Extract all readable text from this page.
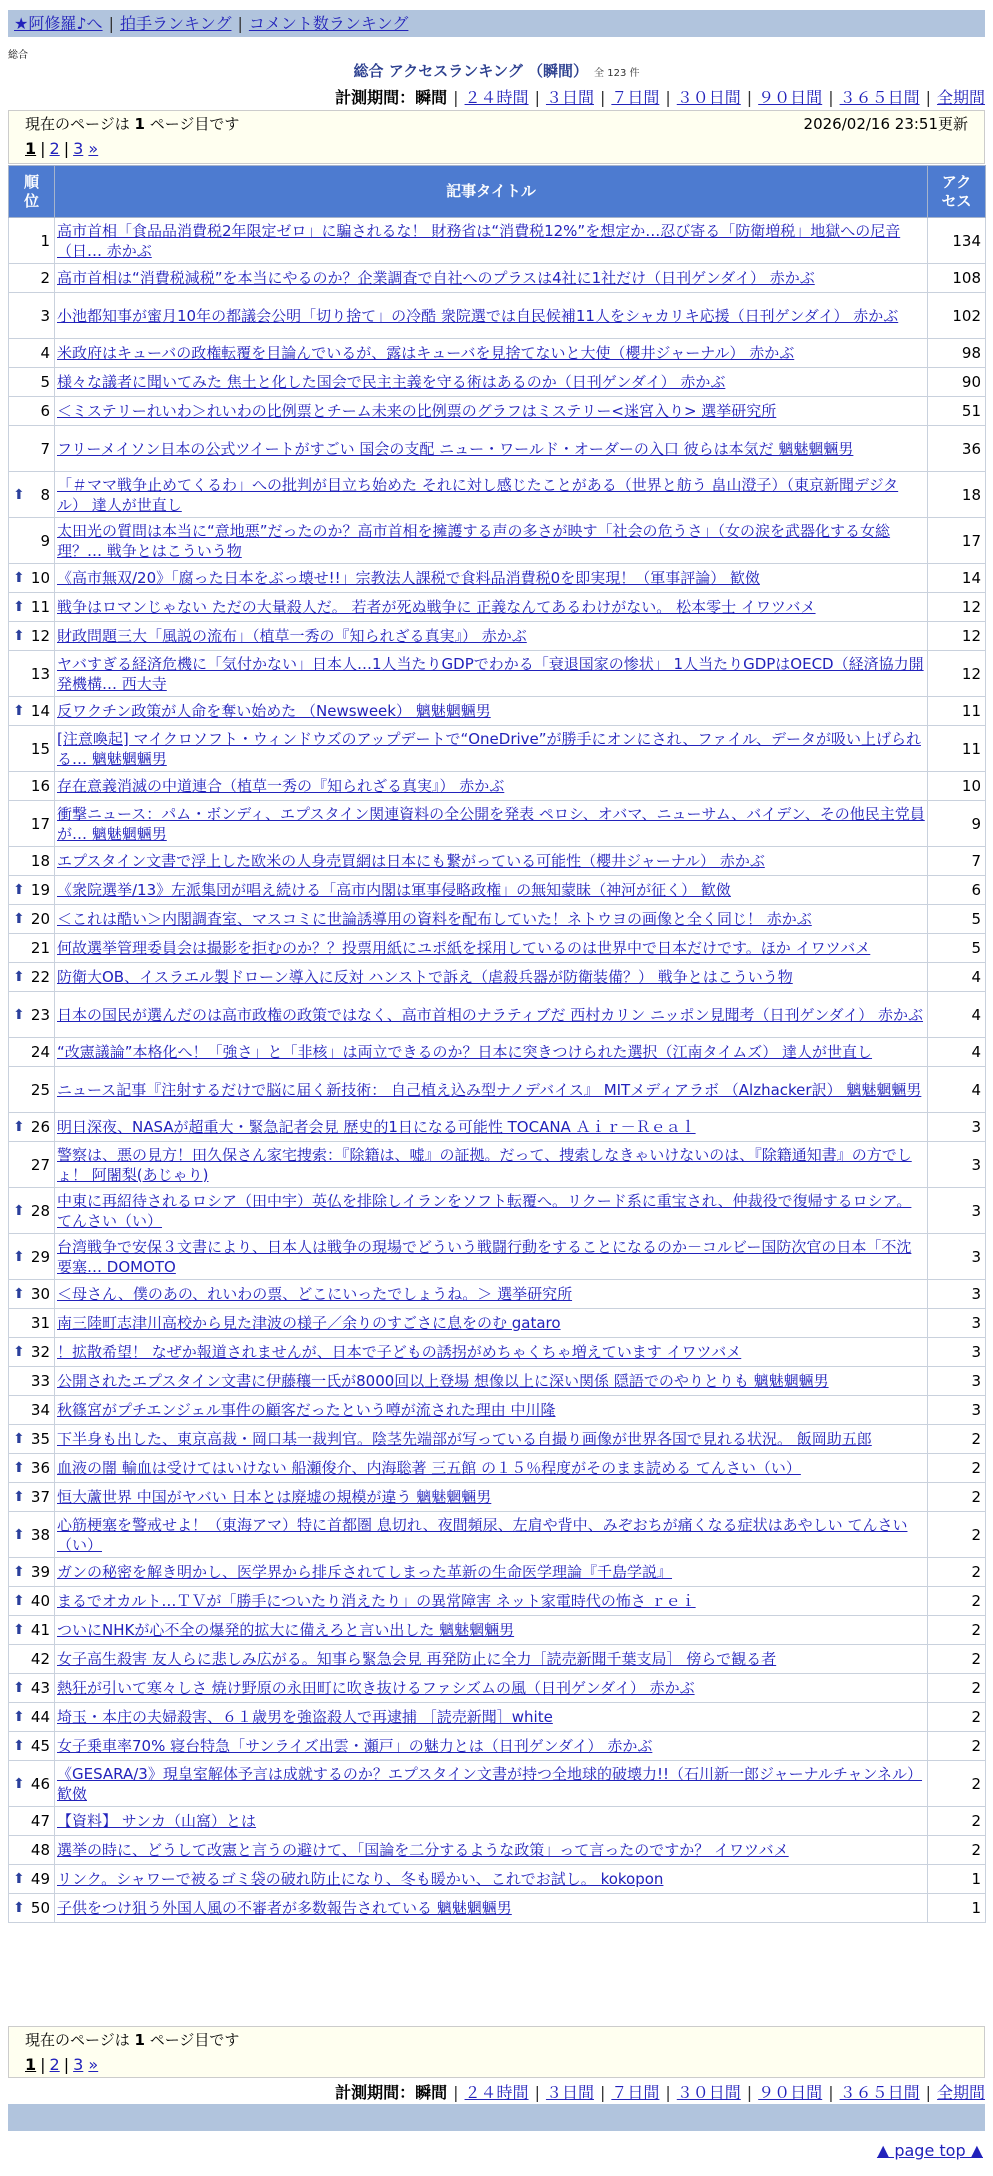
★阿修羅♪へ | 拍手ランキング | コメント数ランキング
総合
総合 アクセスランキング （瞬間） 全 123 件
計測期間：瞬間 | ２４時間 | ３日間 | ７日間 | ３０日間 | ９０日間 | ３６５日間 | 全期間
現在のページは 1 ページ目です	2026/02/16 23:51更新
1 | 2 | 3 »
順位	記事タイトル	アクセス
1	高市首相「食品品消費税2年限定ゼロ」に騙されるな！ 財務省は“消費税12%”を想定か…忍び寄る「防衛増税」地獄への尼音（日… 赤かぶ	134
2	高市首相は“消費税減税”を本当にやるのか？企業調査で自社へのプラスは4社に1社だけ（日刊ゲンダイ） 赤かぶ	108
3	小池都知事が蜜月10年の都議会公明「切り捨て」の冷酷 衆院選では自民候補11人をシャカリキ応援（日刊ゲンダイ） 赤かぶ	102
4	米政府はキューバの政権転覆を目論んでいるが、露はキューバを見捨てないと大使（櫻井ジャーナル） 赤かぶ	98
5	様々な議者に聞いてみた 焦土と化した国会で民主主義を守る術はあるのか（日刊ゲンダイ） 赤かぶ	90
6	＜ミステリーれいわ＞れいわの比例票とチーム未来の比例票のグラフはミステリー<迷宮入り> 選挙研究所	51
7	フリーメイソン日本の公式ツイートがすごい 国会の支配 ニュー・ワールド・オーダーの入口 彼らは本気だ 魑魅魍魎男	36

⬆ 8	「＃ママ戦争止めてくるわ」への批判が目立ち始めた それに対し感じたことがある（世界と舫う 畠山澄子）（東京新聞デジタル） 達人が世直し	18
9	太田光の質問は本当に“意地悪”だったのか？高市首相を擁護する声の多さが映す「社会の危うさ」（女の涙を武器化する女総理？… 戦争とはこういう物	17

⬆ 10	《高市無双/20》「腐った日本をぶっ壊せ!!」宗教法人課税で食料品消費税0を即実現！（軍事評論） 歓傚	14

⬆ 11	戦争はロマンじゃない ただの大量殺人だ。 若者が死ぬ戦争に 正義なんてあるわけがない。 松本零士 イワツバメ	12

⬆ 12	財政問題三大「風説の流布」（植草一秀の『知られざる真実』） 赤かぶ	12
13	ヤバすぎる経済危機に「気付かない」日本人…1人当たりGDPでわかる「衰退国家の惨状」 1人当たりGDPはOECD（経済協力開発機構… 西大寺	12

⬆ 14	反ワクチン政策が人命を奪い始めた （Newsweek） 魑魅魍魎男	11
15	[注意喚起] マイクロソフト・ウィンドウズのアップデートで“OneDrive”が勝手にオンにされ、ファイル、データが吸い上げられる… 魑魅魍魎男	11
16	存在意義消滅の中道連合（植草一秀の『知られざる真実』） 赤かぶ	10
17	衝撃ニュース：パム・ボンディ、エプスタイン関連資料の全公開を発表 ペロシ、オバマ、ニューサム、バイデン、その他民主党員が… 魑魅魍魎男	9
18	エプスタイン文書で浮上した欧米の人身売買網は日本にも繋がっている可能性（櫻井ジャーナル） 赤かぶ	7

⬆ 19	《衆院選挙/13》左派集団が唱え続ける「高市内閣は軍事侵略政権」の無知蒙昧（神河が征く） 歓傚	6

⬆ 20	＜これは酷い＞内閣調査室、マスコミに世論誘導用の資料を配布していた！ネトウヨの画像と全く同じ！ 赤かぶ	5
21	何故選挙管理委員会は撮影を拒むのか？？投票用紙にユポ紙を採用しているのは世界中で日本だけです。ほか イワツバメ	5

⬆ 22	防衛大OB、イスラエル製ドローン導入に反対 ハンストで訴え（虐殺兵器が防衛装備？） 戦争とはこういう物	4

⬆ 23	日本の国民が選んだのは高市政権の政策ではなく、高市首相のナラティブだ 西村カリン ニッポン見聞考（日刊ゲンダイ） 赤かぶ	4
24	“改憲議論”本格化へ！「強さ」と「非核」は両立できるのか？日本に突きつけられた選択（江南タイムズ） 達人が世直し	4
25	ニュース記事『注射するだけで脳に届く新技術： 自己植え込み型ナノデバイス』 MITメディアラボ （Alzhacker訳） 魑魅魍魎男	4

⬆ 26	明日深夜、NASAが超重大・緊急記者会見 歴史的1日になる可能性 TOCANA Ａｉｒ－Ｒｅａｌ	3
27	警察は、悪の見方！田久保さん家宅捜索：『除籍は、嘘』の証拠。だって、捜索しなきゃいけないのは、『除籍通知書』の方でしょ！ 阿闍梨(あじゃり)	3

⬆ 28	中東に再紹待されるロシア（田中宇）英仏を排除しイランをソフト転覆へ。リクード系に重宝され、仲裁役で復帰するロシア。 てんさい（い）	3

⬆ 29	台湾戦争で安保３文書により、日本人は戦争の現場でどういう戦闘行動をすることになるのか－コルビー国防次官の日本「不沈要塞… DOMOTO	3

⬆ 30	＜母さん、僕のあの、れいわの票、どこにいったでしょうね。＞ 選挙研究所	3
31	南三陸町志津川高校から見た津波の様子／余りのすごさに息をのむ gataro	3

⬆ 32	！拡散希望！ なぜか報道されませんが、日本で子どもの誘拐がめちゃくちゃ増えています イワツバメ	3
33	公開されたエプスタイン文書に伊藤穰一氏が8000回以上登場 想像以上に深い関係 隠語でのやりとりも 魑魅魍魎男	3
34	秋篠宮がプチエンジェル事件の顧客だったという噂が流された理由 中川隆	3

⬆ 35	下半身も出した、東京高裁・岡口基一裁判官。陰茎先端部が写っている自撮り画像が世界各国で見れる状況。 飯岡助五郎	2

⬆ 36	血液の闇 輸血は受けてはいけない 船瀬俊介、内海聡著 三五館 の１５％程度がそのまま読める てんさい（い）	2

⬆ 37	恒大蘆世界 中国がヤバい 日本とは廃墟の規模が違う 魑魅魍魎男	2

⬆ 38	心筋梗塞を警戒せよ！（東海アマ）特に首都圏 息切れ、夜間頻尿、左肩や背中、みぞおちが痛くなる症状はあやしい てんさい（い）	2

⬆ 39	ガンの秘密を解き明かし、医学界から排斥されてしまった革新の生命医学理論『千島学説』	2

⬆ 40	まるでオカルト…ＴＶが「勝手についたり消えたり」の異常障害 ネット家電時代の怖さ ｒｅｉ	2

⬆ 41	ついにNHKが心不全の爆発的拡大に備えろと言い出した 魑魅魍魎男	2
42	女子高生殺害 友人らに悲しみ広がる。知事ら緊急会見 再発防止に全力［読売新聞千葉支局］ 傍らで観る者	2

⬆ 43	熱狂が引いて寒々しさ 焼け野原の永田町に吹き抜けるファシズムの風（日刊ゲンダイ） 赤かぶ	2

⬆ 44	埼玉・本庄の夫婦殺害、６１歳男を強盗殺人で再逮捕 ［読売新聞］white	2

⬆ 45	女子乗車率70% 寝台特急「サンライズ出雲・瀬戸」の魅力とは（日刊ゲンダイ） 赤かぶ	2

⬆ 46	《GESARA/3》現皇室解体予言は成就するのか？エプスタイン文書が持つ全地球的破壊力!!（石川新一郎ジャーナルチャンネル） 歓傚	2
47	【資料】 サンカ（山窩）とは	2
48	選挙の時に、どうして改憲と言うの避けて、「国論を二分するような政策」って言ったのですか？ イワツバメ	2

⬆ 49	リンク。シャワーで被るゴミ袋の破れ防止になり、冬も暖かい、これでお試し。 kokopon	1

⬆ 50	子供をつけ狙う外国人風の不審者が多数報告されている 魑魅魍魎男	1
現在のページは 1 ページ目です
1 | 2 | 3 »
計測期間：瞬間 | ２４時間 | ３日間 | ７日間 | ３０日間 | ９０日間 | ３６５日間 | 全期間
▲ page top ▲
